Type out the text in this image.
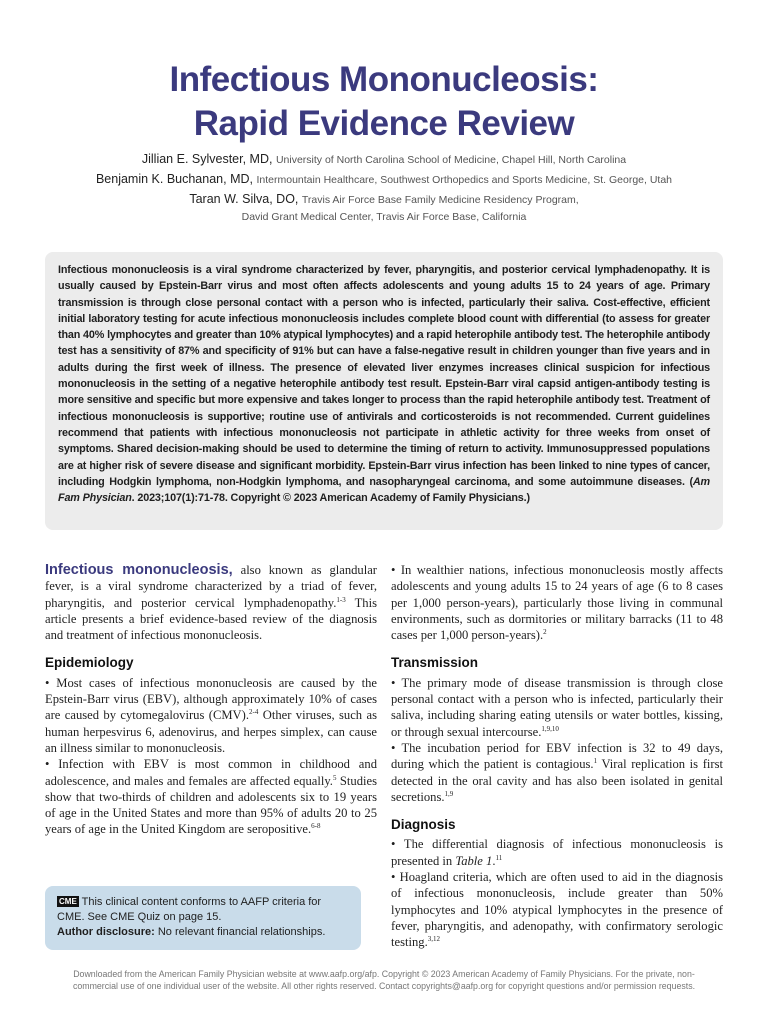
Infectious Mononucleosis:
Rapid Evidence Review
Jillian E. Sylvester, MD, University of North Carolina School of Medicine, Chapel Hill, North Carolina
Benjamin K. Buchanan, MD, Intermountain Healthcare, Southwest Orthopedics and Sports Medicine, St. George, Utah
Taran W. Silva, DO, Travis Air Force Base Family Medicine Residency Program,
David Grant Medical Center, Travis Air Force Base, California
Infectious mononucleosis is a viral syndrome characterized by fever, pharyngitis, and posterior cervical lymphadenopathy. It is usually caused by Epstein-Barr virus and most often affects adolescents and young adults 15 to 24 years of age. Primary transmission is through close personal contact with a person who is infected, particularly their saliva. Cost-effective, efficient initial laboratory testing for acute infectious mononucleosis includes complete blood count with differential (to assess for greater than 40% lymphocytes and greater than 10% atypical lymphocytes) and a rapid heterophile antibody test. The heterophile antibody test has a sensitivity of 87% and specificity of 91% but can have a false-negative result in children younger than five years and in adults during the first week of illness. The presence of elevated liver enzymes increases clinical suspicion for infectious mononucleosis in the setting of a negative heterophile antibody test result. Epstein-Barr viral capsid antigen-antibody testing is more sensitive and specific but more expensive and takes longer to process than the rapid heterophile antibody test. Treatment of infectious mononucleosis is supportive; routine use of antivirals and corticosteroids is not recommended. Current guidelines recommend that patients with infectious mononucleosis not participate in athletic activity for three weeks from onset of symptoms. Shared decision-making should be used to determine the timing of return to activity. Immunosuppressed populations are at higher risk of severe disease and significant morbidity. Epstein-Barr virus infection has been linked to nine types of cancer, including Hodgkin lymphoma, non-Hodgkin lymphoma, and nasopharyngeal carcinoma, and some autoimmune diseases. (Am Fam Physician. 2023;107(1):71-78. Copyright © 2023 American Academy of Family Physicians.)

Infectious mononucleosis, also known as glandular fever, is a viral syndrome characterized by a triad of fever, pharyngitis, and posterior cervical lymphadenopathy.$^{1-3}$ This article presents a brief evidence-based review of the diagnosis and treatment of infectious mononucleosis.

Epidemiology

• Most cases of infectious mononucleosis are caused by the Epstein-Barr virus (EBV), although approximately 10% of cases are caused by cytomegalovirus (CMV).$^{2-4}$ Other viruses, such as human herpesvirus 6, adenovirus, and herpes simplex, can cause an illness similar to mononucleosis.

• Infection with EBV is most common in childhood and adolescence, and males and females are affected equally.$^5$ Studies show that two-thirds of children and adolescents six to 19 years of age in the United States and more than 95% of adults 20 to 25 years of age in the United Kingdom are seropositive.$^{6-8}$

• In wealthier nations, infectious mononucleosis mostly affects adolescents and young adults 15 to 24 years of age (6 to 8 cases per 1,000 person-years), particularly those living in communal environments, such as dormitories or military barracks (11 to 48 cases per 1,000 person-years).$^2$

Transmission

• The primary mode of disease transmission is through close personal contact with a person who is infected, particularly their saliva, including sharing eating utensils or water bottles, kissing, or through sexual intercourse.$^{1,9,10}$

• The incubation period for EBV infection is 32 to 49 days, during which the patient is contagious.$^1$ Viral replication is first detected in the oral cavity and has also been isolated in genital secretions.$^{1,9}$

Diagnosis

• The differential diagnosis of infectious mononucleosis is presented in Table 1.11

• Hoagland criteria, which are often used to aid in the diagnosis of infectious mononucleosis, include greater than 50% lymphocytes and 10% atypical lymphocytes in the presence of fever, pharyngitis, and adenopathy, with confirmatory serologic testing.$^{3,12}$

CME This clinical content conforms to AAFP criteria for CME. See CME Quiz on page 15.
Author disclosure: No relevant financial relationships.
Downloaded from the American Family Physician website at www.aafp.org/afp. Copyright © 2023 American Academy of Family Physicians. For the private, non-
commercial use of one individual user of the website. All other rights reserved. Contact copyrights@aafp.org for copyright questions and/or permission requests.
